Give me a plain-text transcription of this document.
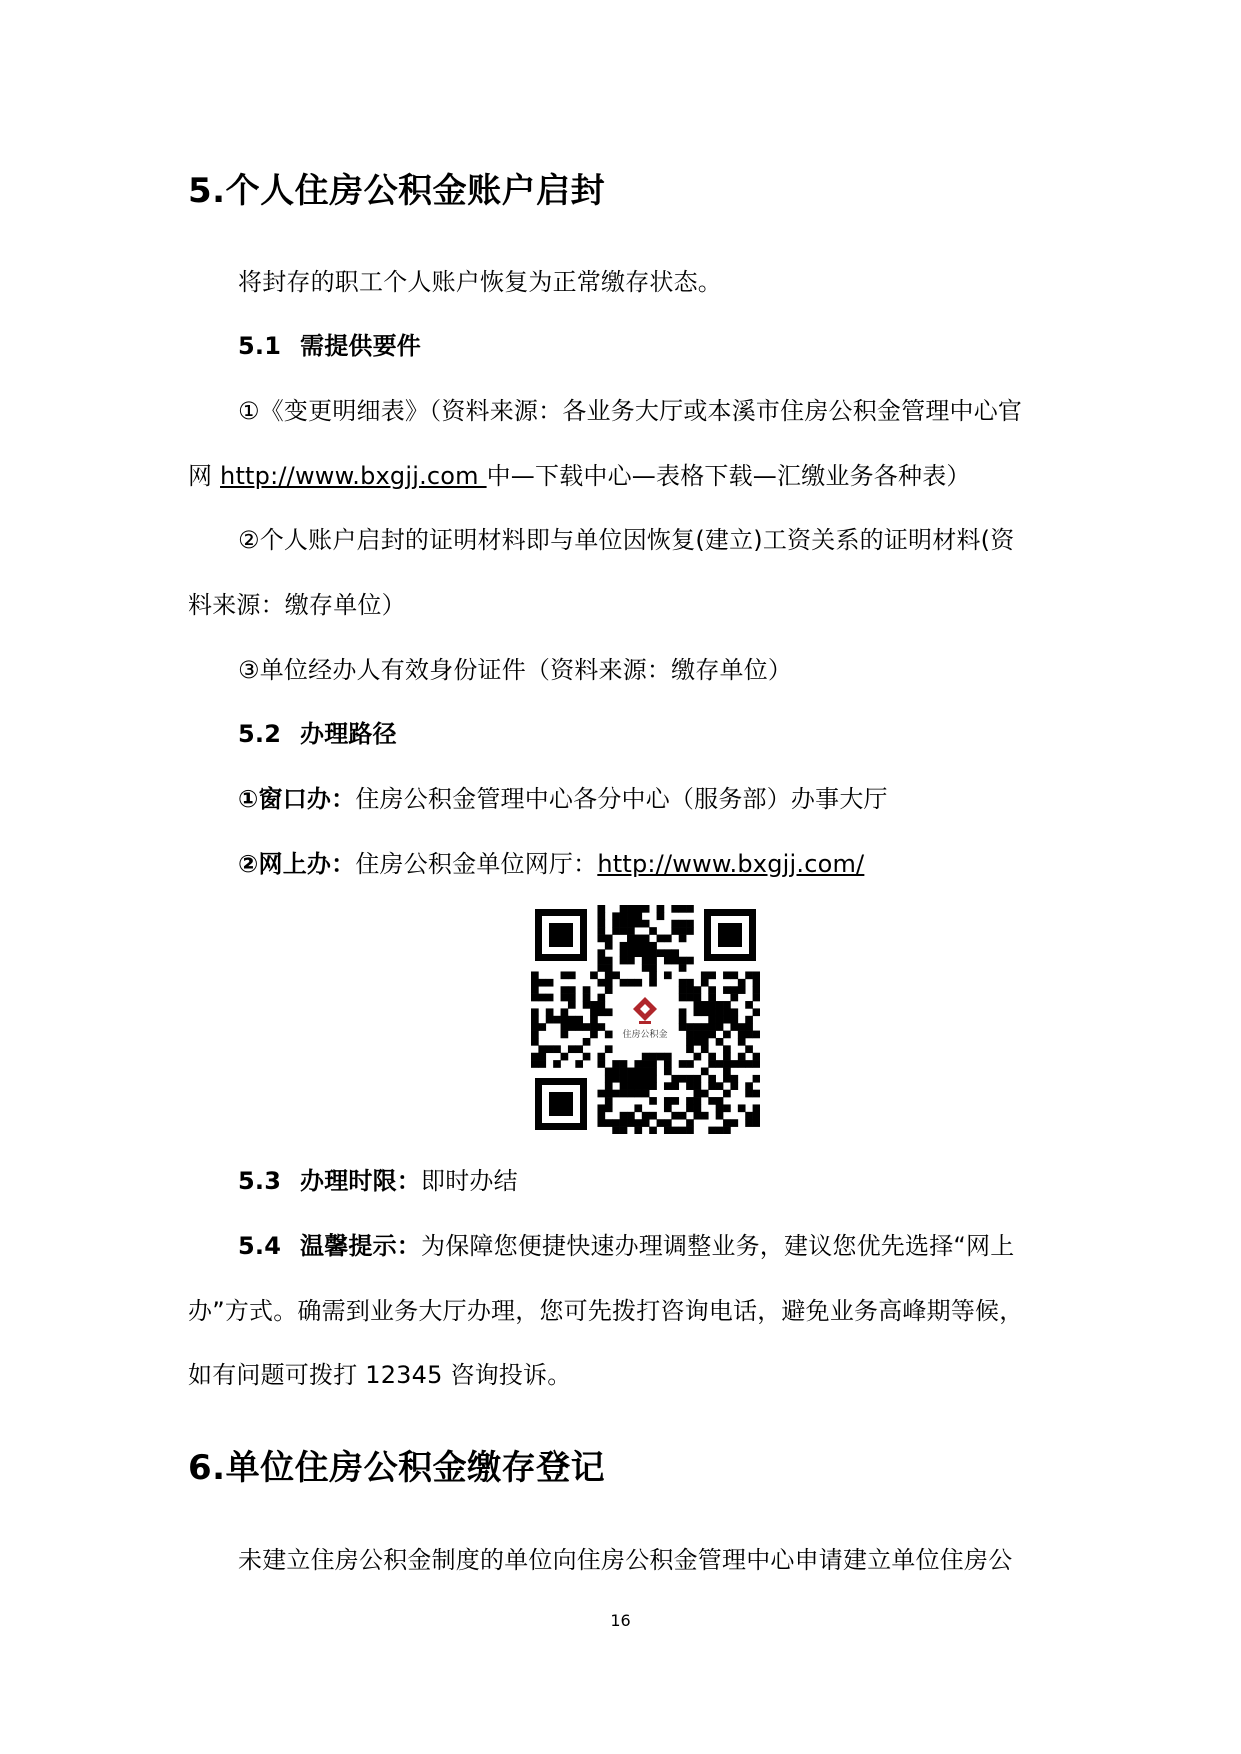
5.个人住房公积金账户启封
将封存的职工个人账户恢复为正常缴存状态。
5.1 需提供要件
①《变更明细表》（资料来源：各业务大厅或本溪市住房公积金管理中心官
网 http://www.bxgjj.com 中—下载中心—表格下载—汇缴业务各种表）
②个人账户启封的证明材料即与单位因恢复(建立)工资关系的证明材料(资
料来源：缴存单位）
③单位经办人有效身份证件（资料来源：缴存单位）
5.2 办理路径
①窗口办：住房公积金管理中心各分中心（服务部）办事大厅
②网上办：住房公积金单位网厅：http://www.bxgjj.com/
住房公积金
5.3 办理时限：即时办结
5.4 温馨提示：为保障您便捷快速办理调整业务，建议您优先选择“网上
办”方式。确需到业务大厅办理，您可先拨打咨询电话，避免业务高峰期等候，
如有问题可拨打 12345 咨询投诉。
6.单位住房公积金缴存登记
未建立住房公积金制度的单位向住房公积金管理中心申请建立单位住房公
16
